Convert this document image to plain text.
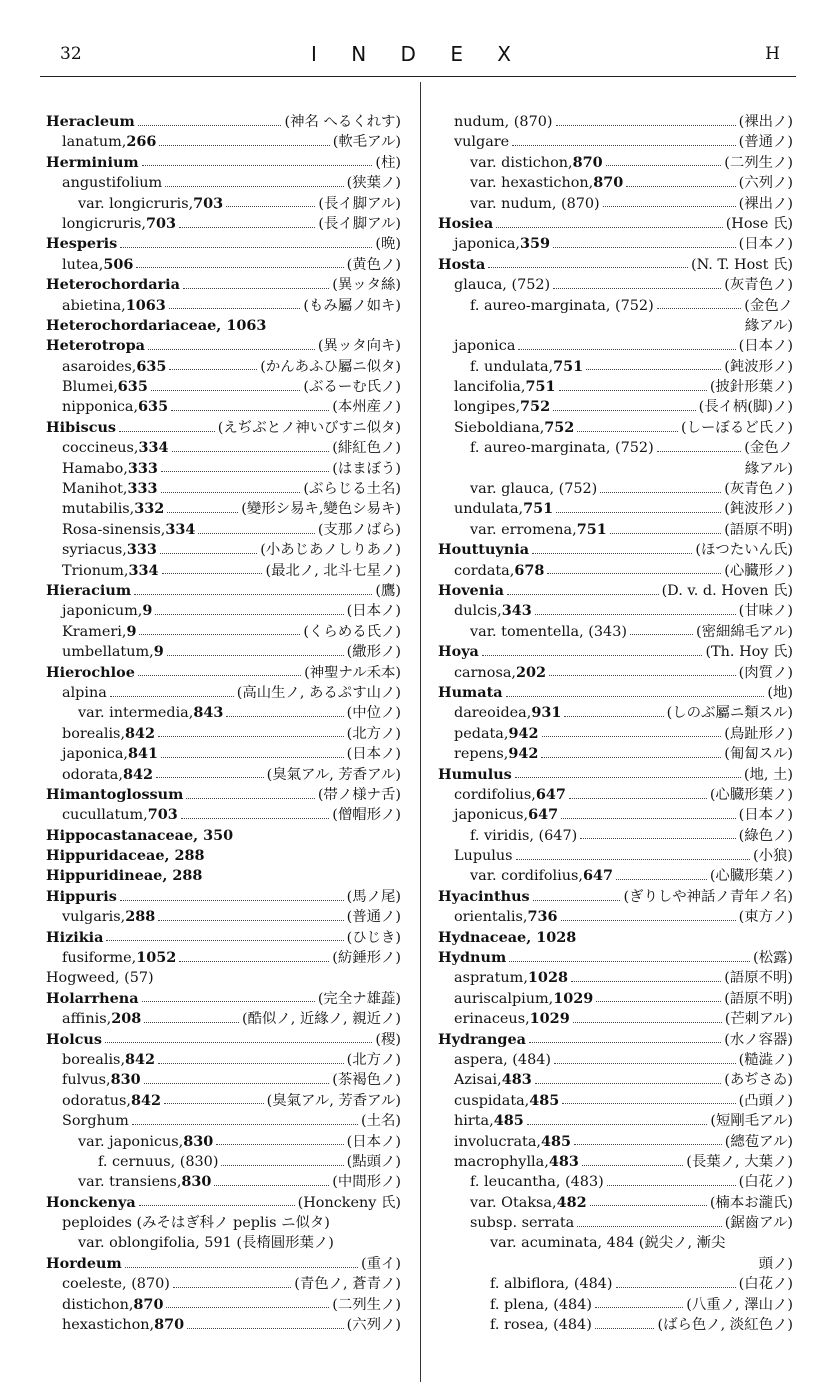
32	I N D E X	H
Heracleum	(神名 へるくれす)
lanatum, 266	(軟毛アル)
Herminium	(柱)
angustifolium	(狭葉ノ)
var. longicruris, 703	(長イ脚アル)
longicruris, 703	(長イ脚アル)
Hesperis	(晩)
lutea, 506	(黄色ノ)
Heterochordaria	(異ッタ絲)
abietina, 1063	(もみ屬ノ如キ)
Heterochordariaceae, 1063
Heterotropa	(異ッタ向キ)
asaroides, 635	(かんあふひ屬ニ似タ)
Blumei, 635	(ぶるーむ氏ノ)
nipponica, 635	(本州産ノ)
Hibiscus	(えぢぶとノ神いびすニ似タ)
coccineus, 334	(緋紅色ノ)
Hamabo, 333	(はまぼう)
Manihot, 333	(ぶらじる土名)
mutabilis, 332	(變形シ易キ,變色シ易キ)
Rosa-sinensis, 334	(支那ノばら)
syriacus, 333	(小あじあノしりあノ)
Trionum, 334	(最北ノ, 北斗七星ノ)
Hieracium	(鷹)
japonicum, 9	(日本ノ)
Krameri, 9	(くらめる氏ノ)
umbellatum, 9	(繖形ノ)
Hierochloe	(神聖ナル禾本)
alpina	(高山生ノ, あるぷす山ノ)
var. intermedia, 843	(中位ノ)
borealis, 842	(北方ノ)
japonica, 841	(日本ノ)
odorata, 842	(臭氣アル, 芳香アル)
Himantoglossum	(帯ノ様ナ舌)
cucullatum, 703	(僧帽形ノ)
Hippocastanaceae, 350
Hippuridaceae, 288
Hippuridineae, 288
Hippuris	(馬ノ尾)
vulgaris, 288	(普通ノ)
Hizikia	(ひじき)
fusiforme, 1052	(紡錘形ノ)
Hogweed, (57)
Holarrhena	(完全ナ雄蕋)
affinis, 208	(酷似ノ, 近緣ノ, 親近ノ)
Holcus	(稷)
borealis, 842	(北方ノ)
fulvus, 830	(茶褐色ノ)
odoratus, 842	(臭氣アル, 芳香アル)
Sorghum	(土名)
var. japonicus, 830	(日本ノ)
f. cernuus, (830)	(點頭ノ)
var. transiens, 830	(中間形ノ)
Honckenya	(Honckeny 氏)
peploides (みそはぎ科ノ peplis ニ似タ)
var. oblongifolia, 591 (長楕圓形葉ノ)
Hordeum	(重イ)
coeleste, (870)	(青色ノ, 蒼青ノ)
distichon, 870	(二列生ノ)
hexastichon, 870	(六列ノ)
nudum, (870)	(裸出ノ)
vulgare	(普通ノ)
var. distichon, 870	(二列生ノ)
var. hexastichon, 870	(六列ノ)
var. nudum, (870)	(裸出ノ)
Hosiea	(Hose 氏)
japonica, 359	(日本ノ)
Hosta	(N. T. Host 氏)
glauca, (752)	(灰青色ノ)
f. aureo-marginata, (752)	(金色ノ
緣アル)
japonica	(日本ノ)
f. undulata, 751	(鈍波形ノ)
lancifolia, 751	(披針形葉ノ)
longipes, 752	(長イ柄(脚)ノ)
Sieboldiana, 752	(しーぼるど氏ノ)
f. aureo-marginata, (752)	(金色ノ
緣アル)
var. glauca, (752)	(灰青色ノ)
undulata, 751	(鈍波形ノ)
var. erromena, 751	(語原不明)
Houttuynia	(ほつたいん氏)
cordata, 678	(心臓形ノ)
Hovenia	(D. v. d. Hoven 氏)
dulcis, 343	(甘味ノ)
var. tomentella, (343)	(密細綿毛アル)
Hoya	(Th. Hoy 氏)
carnosa, 202	(肉質ノ)
Humata	(地)
dareoidea, 931	(しのぶ屬ニ類スル)
pedata, 942	(鳥趾形ノ)
repens, 942	(匍匐スル)
Humulus	(地, 土)
cordifolius, 647	(心臓形葉ノ)
japonicus, 647	(日本ノ)
f. viridis, (647)	(綠色ノ)
Lupulus	(小狼)
var. cordifolius, 647	(心臓形葉ノ)
Hyacinthus	(ぎりしや神話ノ青年ノ名)
orientalis, 736	(東方ノ)
Hydnaceae, 1028
Hydnum	(松露)
aspratum, 1028	(語原不明)
auriscalpium, 1029	(語原不明)
erinaceus, 1029	(芒刺アル)
Hydrangea	(水ノ容器)
aspera, (484)	(糙澁ノ)
Azisai, 483	(あぢさゐ)
cuspidata, 485	(凸頭ノ)
hirta, 485	(短剛毛アル)
involucrata, 485	(總苞アル)
macrophylla, 483	(長葉ノ, 大葉ノ)
f. leucantha, (483)	(白花ノ)
var. Otaksa, 482	(楠本お瀧氏)
subsp. serrata	(鋸齒アル)
var. acuminata, 484 (鋭尖ノ, 漸尖
頭ノ)
f. albiflora, (484)	(白花ノ)
f. plena, (484)	(八重ノ, 澤山ノ)
f. rosea, (484)	(ばら色ノ, 淡紅色ノ)
